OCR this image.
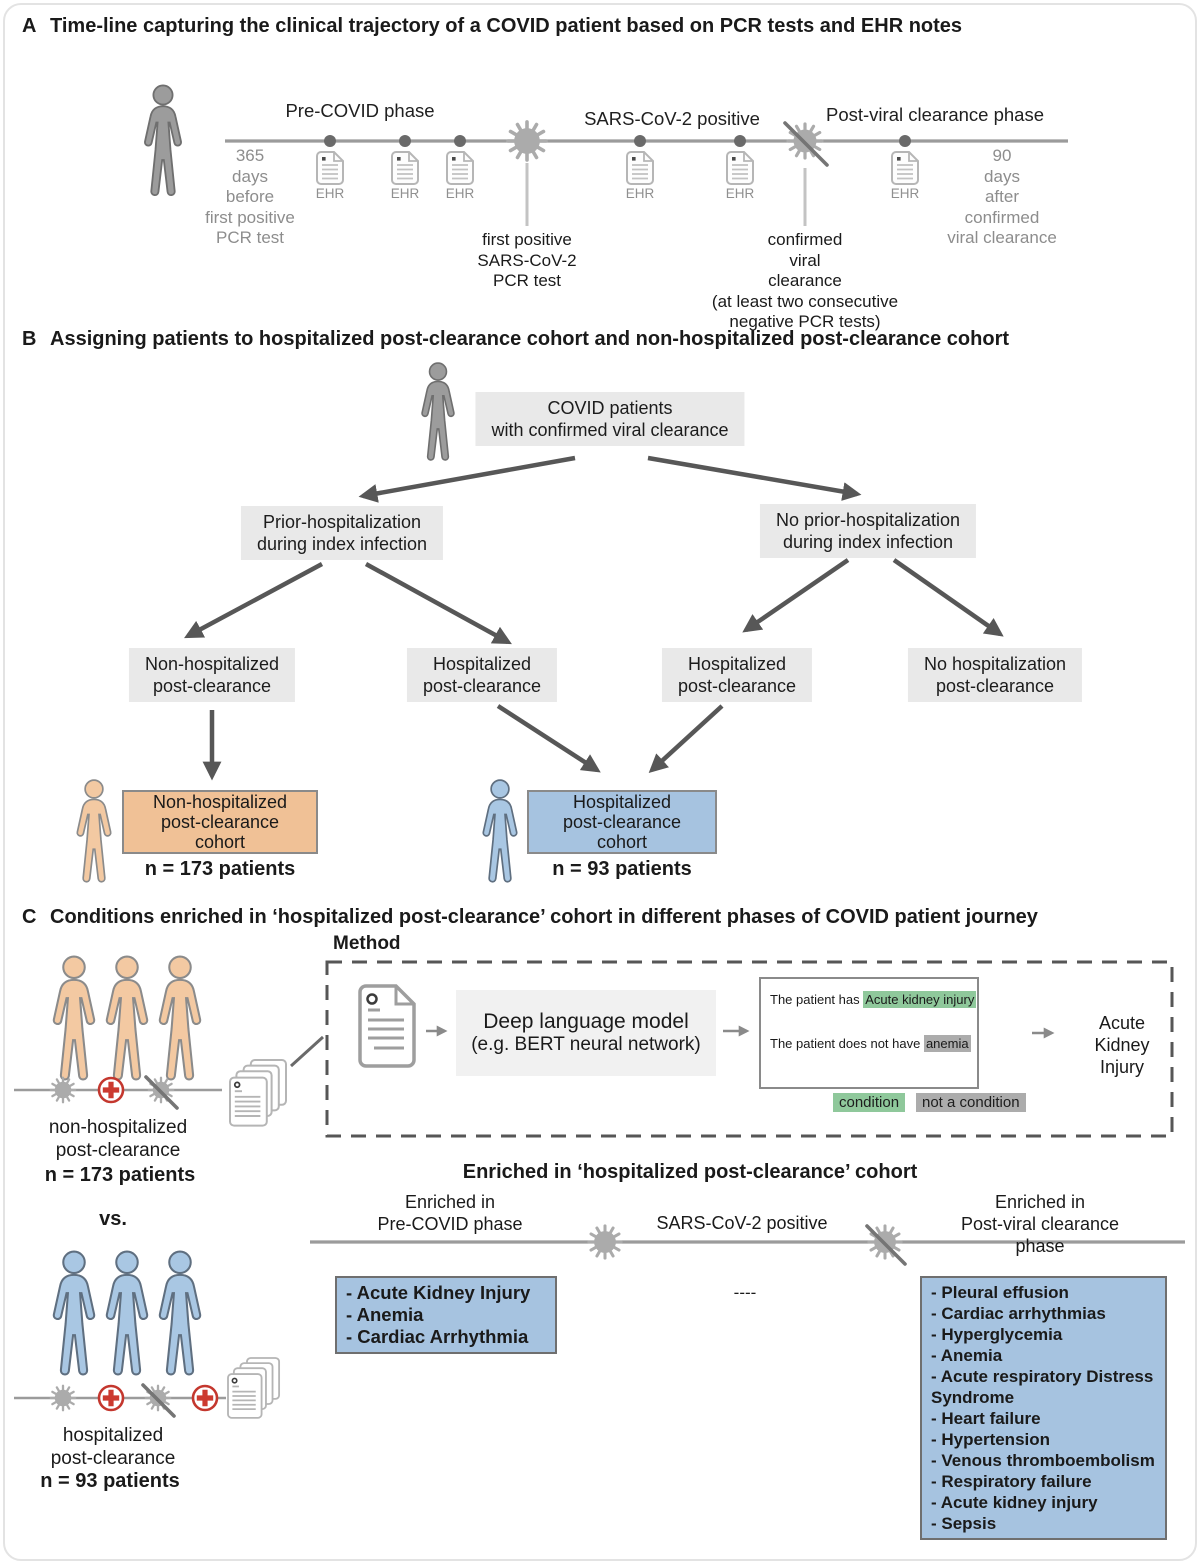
A Time-line capturing the clinical trajectory of a COVID patient based on PCR tests and EHR notes
Pre-COVID phase	SARS-CoV-2 positive	Post-viral clearance phase
365
days
before
first positive
PCR test	first positive
SARS-CoV-2
PCR test
confirmed
viral
clearance
(at least two consecutive
negative PCR tests)
90
days
after
confirmed
viral clearance
EHR	EHR EHR	EHR	EHR	EHR
B Assigning patients to hospitalized post-clearance cohort and non-hospitalized post-clearance cohort
COVID patients
with confirmed viral clearance
Prior-hospitalization
during index infection
No prior-hospitalization
during index infection
Non-hospitalized
post-clearance
Hospitalized
post-clearance
Hospitalized
post-clearance
No hospitalization
post-clearance
Non-hospitalized
post-clearance
cohort
n = 173 patients
Hospitalized
post-clearance
cohort
n = 93 patients
C Conditions enriched in ‘hospitalized post-clearance’ cohort in different phases of COVID patient journey
Method
Deep language model
(e.g. BERT neural network)
The patient has Acute kidney injury
The patient does not have anemia
condition	not a condition
Acute Kidney
Injury
non-hospitalized
post-clearance
n = 173 patients
vs.
hospitalized
post-clearance
n = 93 patients
Enriched in ‘hospitalized post-clearance’ cohort
Enriched in
Pre-COVID phase	SARS-CoV-2 positive
Enriched in
Post-viral clearance phase
- Acute Kidney Injury
- Anemia
- Cardiac Arrhythmia
----	- Pleural effusion
- Cardiac arrhythmias
- Hyperglycemia
- Anemia
- Acute respiratory Distress Syndrome
- Heart failure
- Hypertension
- Venous thromboembolism
- Respiratory failure
- Acute kidney injury
- Sepsis
